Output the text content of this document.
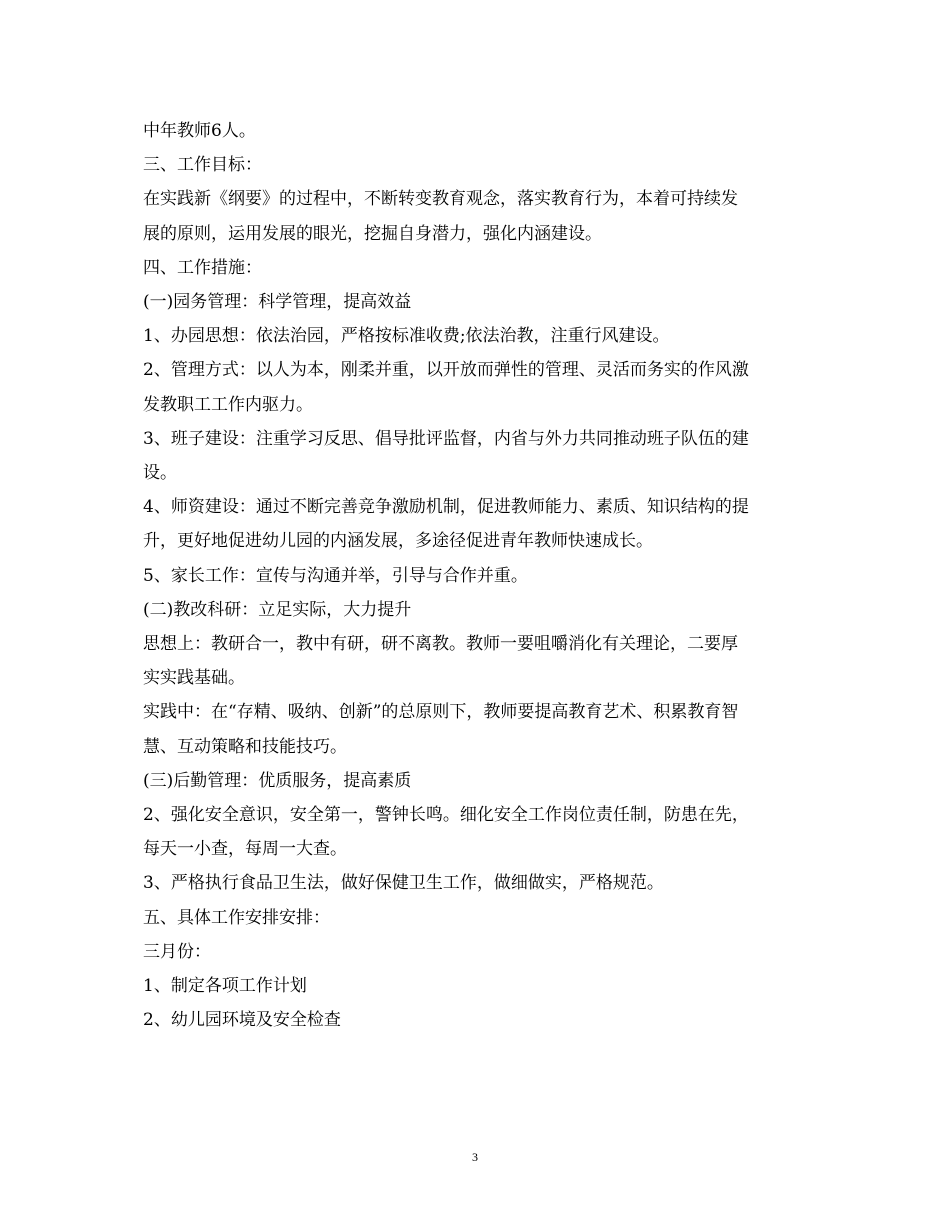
中年教师6人。

三、工作目标：

在实践新《纲要》的过程中，不断转变教育观念，落实教育行为，本着可持续发
展的原则，运用发展的眼光，挖掘自身潜力，强化内涵建设。

四、工作措施：

(一)园务管理：科学管理，提高效益

1、办园思想：依法治园，严格按标准收费;依法治教，注重行风建设。

2、管理方式：以人为本，刚柔并重，以开放而弹性的管理、灵活而务实的作风激
发教职工工作内驱力。

3、班子建设：注重学习反思、倡导批评监督，内省与外力共同推动班子队伍的建
设。

4、师资建设：通过不断完善竞争激励机制，促进教师能力、素质、知识结构的提
升，更好地促进幼儿园的内涵发展，多途径促进青年教师快速成长。

5、家长工作：宣传与沟通并举，引导与合作并重。

(二)教改科研：立足实际，大力提升

思想上：教研合一，教中有研，研不离教。教师一要咀嚼消化有关理论，二要厚
实实践基础。

实践中：在“存精、吸纳、创新”的总原则下，教师要提高教育艺术、积累教育智
慧、互动策略和技能技巧。

(三)后勤管理：优质服务，提高素质

2、强化安全意识，安全第一，警钟长鸣。细化安全工作岗位责任制，防患在先，
每天一小查，每周一大查。

3、严格执行食品卫生法，做好保健卫生工作，做细做实，严格规范。

五、具体工作安排安排：

三月份：

1、制定各项工作计划

2、幼儿园环境及安全检查

3
